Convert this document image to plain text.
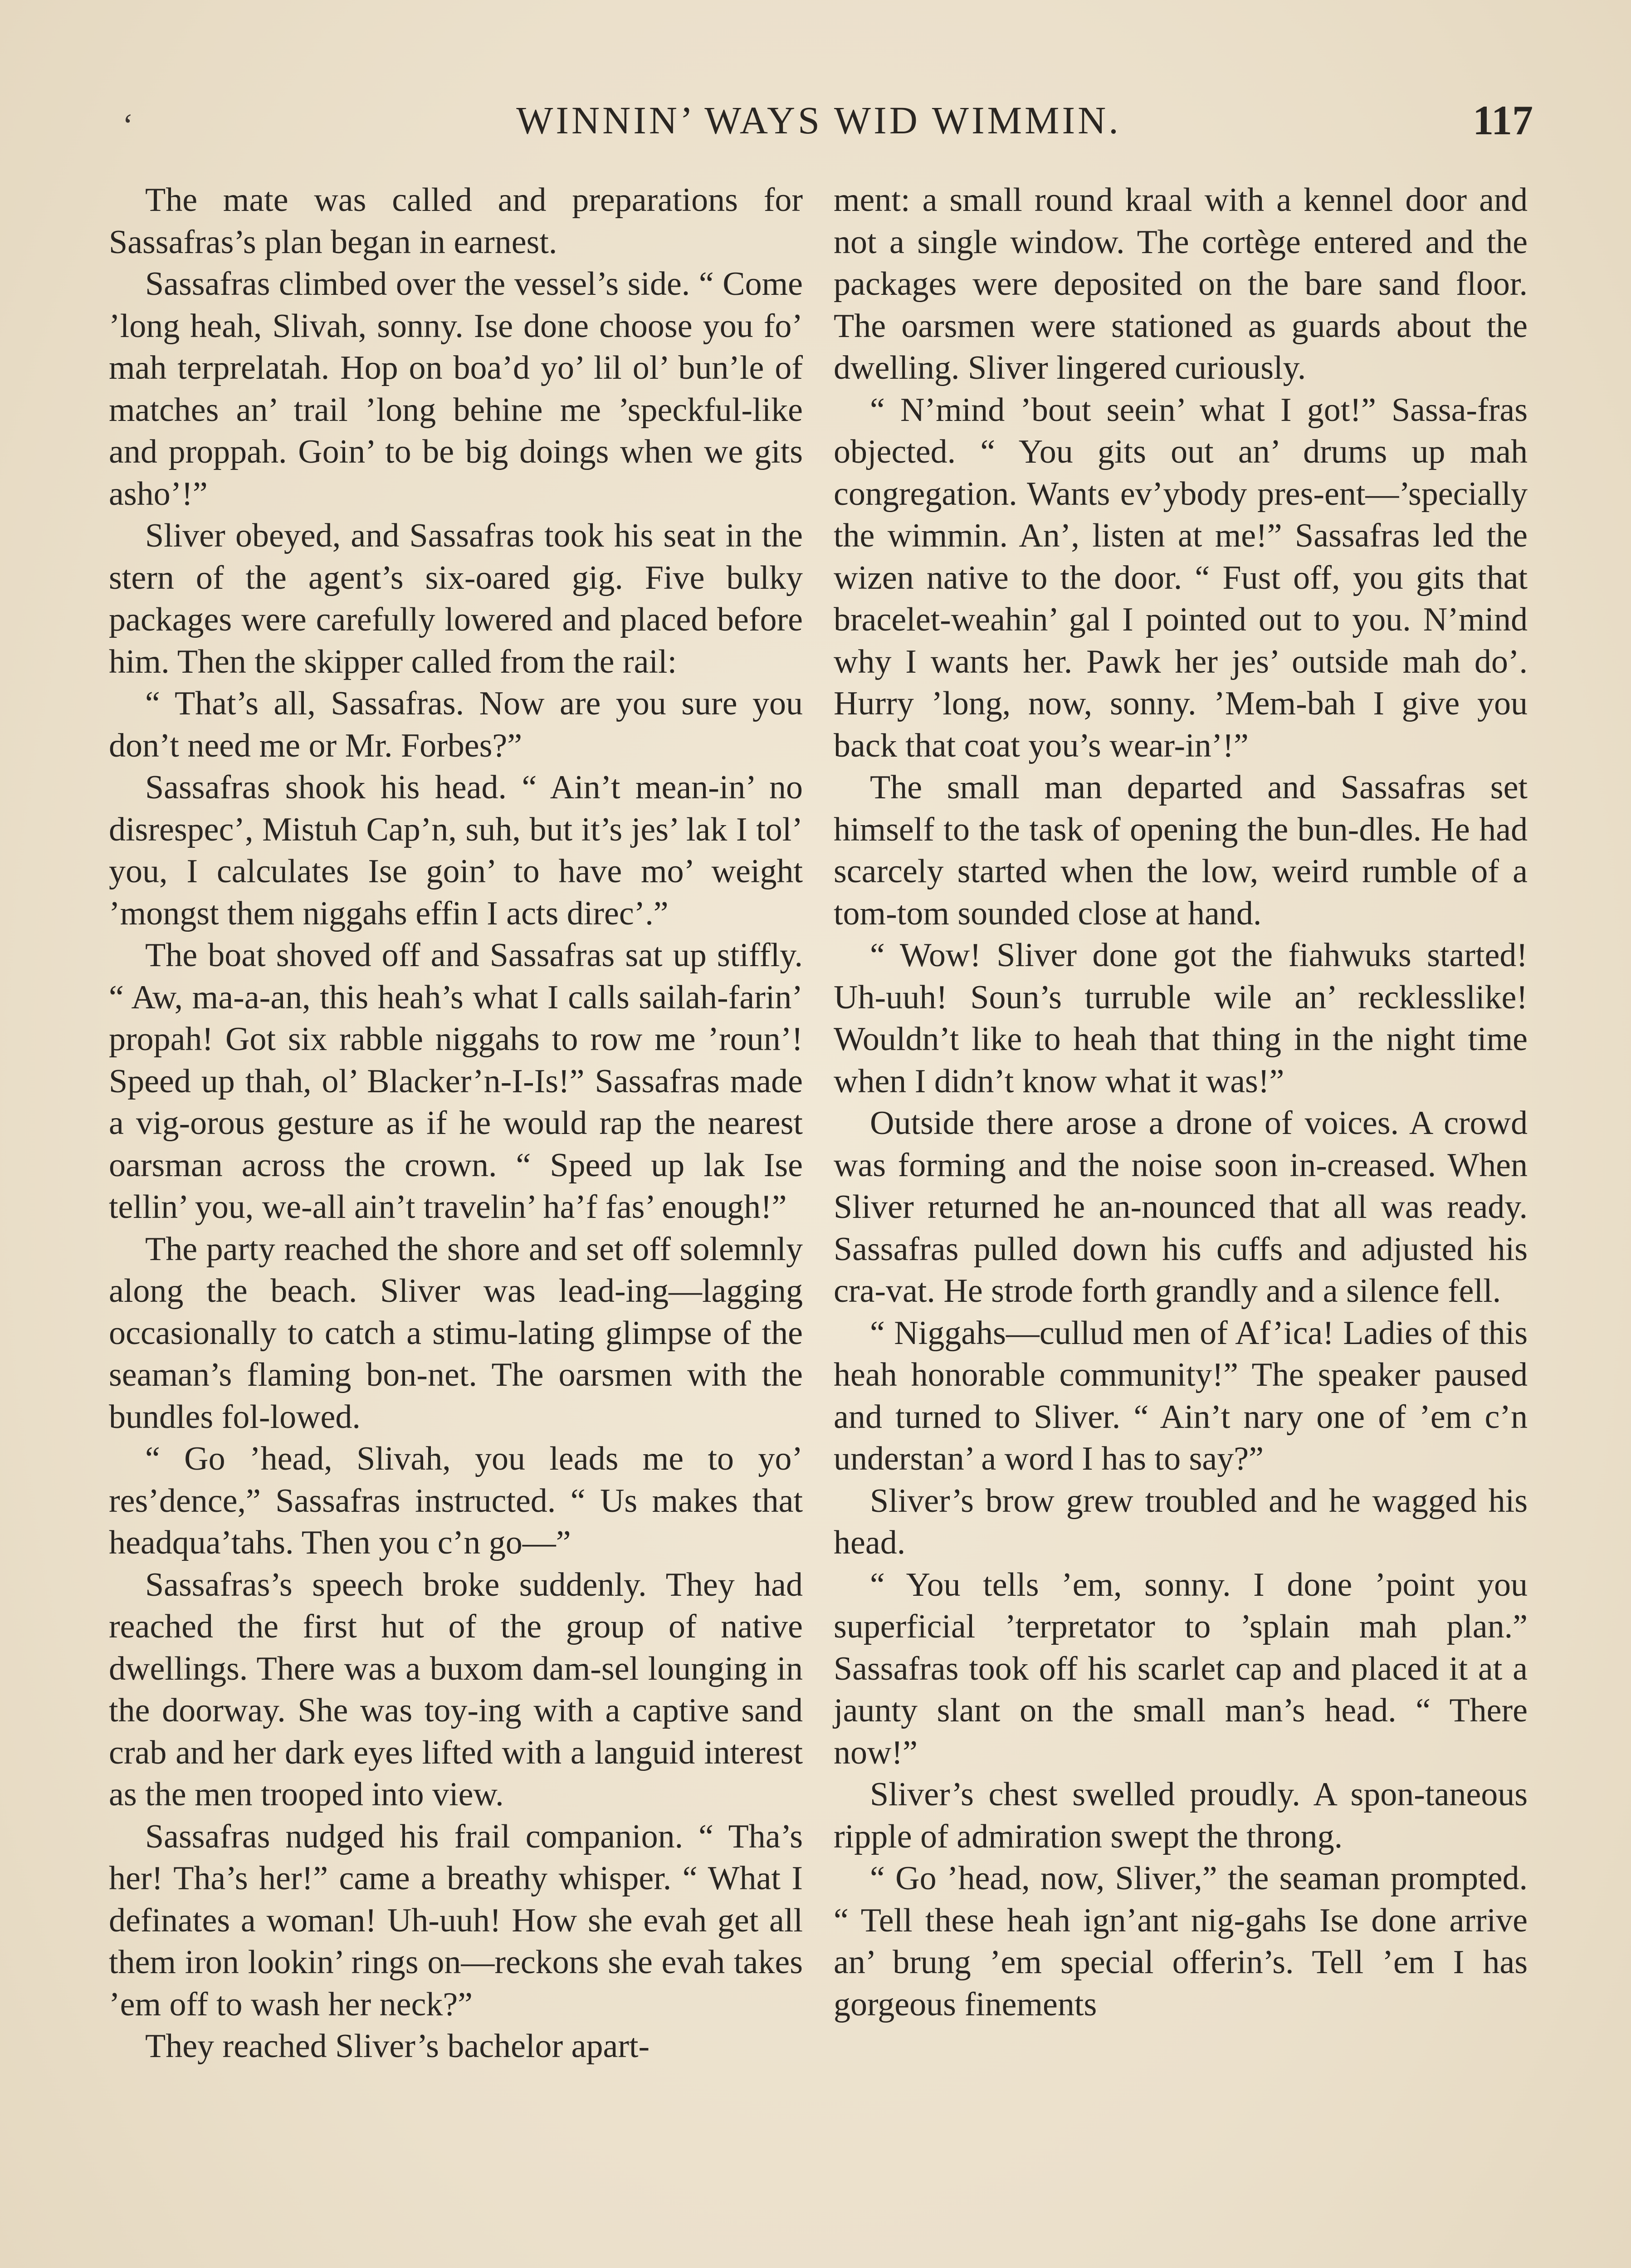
‘	WINNIN’ WAYS WID WIMMIN.	117

The mate was called and preparations for Sassafras’s plan began in earnest.

Sassafras climbed over the vessel’s side. “ Come ’long heah, Slivah, sonny. Ise done choose you fo’ mah terprelatah. Hop on boa’d yo’ lil ol’ bun’le of matches an’ trail ’long behine me ’speckful-like and proppah. Goin’ to be big doings when we gits asho’!”

Sliver obeyed, and Sassafras took his seat in the stern of the agent’s six-oared gig. Five bulky packages were carefully lowered and placed before him. Then the skipper called from the rail:

“ That’s all, Sassafras. Now are you sure you don’t need me or Mr. Forbes?”

Sassafras shook his head. “ Ain’t mean-in’ no disrespec’, Mistuh Cap’n, suh, but it’s jes’ lak I tol’ you, I calculates Ise goin’ to have mo’ weight ’mongst them niggahs effin I acts direc’.”

The boat shoved off and Sassafras sat up stiffly. “ Aw, ma-a-an, this heah’s what I calls sailah-farin’ propah! Got six rabble niggahs to row me ’roun’! Speed up thah, ol’ Blacker’n-I-Is!” Sassafras made a vig-orous gesture as if he would rap the nearest oarsman across the crown. “ Speed up lak Ise tellin’ you, we-all ain’t travelin’ ha’f fas’ enough!”

The party reached the shore and set off solemnly along the beach. Sliver was lead-ing—lagging occasionally to catch a stimu-lating glimpse of the seaman’s flaming bon-net. The oarsmen with the bundles fol-lowed.

“ Go ’head, Slivah, you leads me to yo’ res’dence,” Sassafras instructed. “ Us makes that headqua’tahs. Then you c’n go—”

Sassafras’s speech broke suddenly. They had reached the first hut of the group of native dwellings. There was a buxom dam-sel lounging in the doorway. She was toy-ing with a captive sand crab and her dark eyes lifted with a languid interest as the men trooped into view.

Sassafras nudged his frail companion. “ Tha’s her! Tha’s her!” came a breathy whisper. “ What I definates a woman! Uh-uuh! How she evah get all them iron lookin’ rings on—reckons she evah takes ’em off to wash her neck?”

They reached Sliver’s bachelor apart-

ment: a small round kraal with a kennel door and not a single window. The cortège entered and the packages were deposited on the bare sand floor. The oarsmen were stationed as guards about the dwelling. Sliver lingered curiously.

“ N’mind ’bout seein’ what I got!” Sassa-fras objected. “ You gits out an’ drums up mah congregation. Wants ev’ybody pres-ent—’specially the wimmin. An’, listen at me!” Sassafras led the wizen native to the door. “ Fust off, you gits that bracelet-weahin’ gal I pointed out to you. N’mind why I wants her. Pawk her jes’ outside mah do’. Hurry ’long, now, sonny. ’Mem-bah I give you back that coat you’s wear-in’!”

The small man departed and Sassafras set himself to the task of opening the bun-dles. He had scarcely started when the low, weird rumble of a tom-tom sounded close at hand.

“ Wow! Sliver done got the fiahwuks started! Uh-uuh! Soun’s turruble wile an’ recklesslike! Wouldn’t like to heah that thing in the night time when I didn’t know what it was!”

Outside there arose a drone of voices. A crowd was forming and the noise soon in-creased. When Sliver returned he an-nounced that all was ready. Sassafras pulled down his cuffs and adjusted his cra-vat. He strode forth grandly and a silence fell.

“ Niggahs—cullud men of Af’ica! Ladies of this heah honorable community!” The speaker paused and turned to Sliver. “ Ain’t nary one of ’em c’n understan’ a word I has to say?”

Sliver’s brow grew troubled and he wagged his head.

“ You tells ’em, sonny. I done ’point you superficial ’terpretator to ’splain mah plan.” Sassafras took off his scarlet cap and placed it at a jaunty slant on the small man’s head. “ There now!”

Sliver’s chest swelled proudly. A spon-taneous ripple of admiration swept the throng.

“ Go ’head, now, Sliver,” the seaman prompted. “ Tell these heah ign’ant nig-gahs Ise done arrive an’ brung ’em special offerin’s. Tell ’em I has gorgeous finements
